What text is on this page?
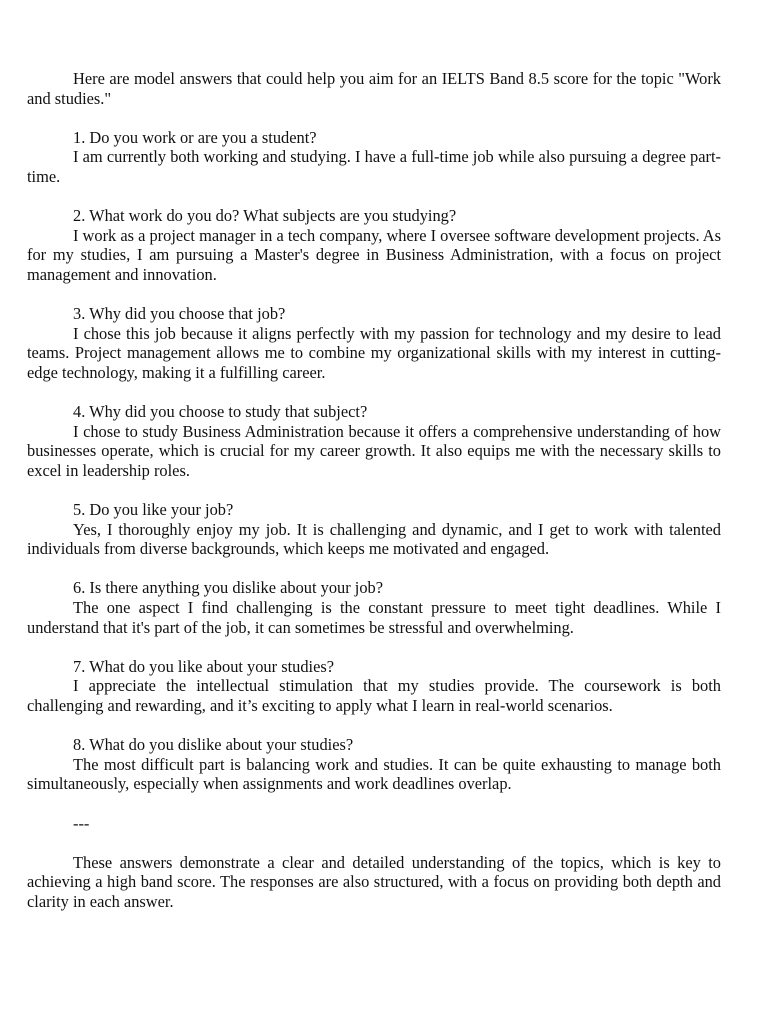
Here are model answers that could help you aim for an IELTS Band 8.5 score for the topic "Work and studies."

1. Do you work or are you a student?

I am currently both working and studying. I have a full-time job while also pursuing a degree part-time.

2. What work do you do? What subjects are you studying?

I work as a project manager in a tech company, where I oversee software development projects. As for my studies, I am pursuing a Master's degree in Business Administration, with a focus on project management and innovation.

3. Why did you choose that job?

I chose this job because it aligns perfectly with my passion for technology and my desire to lead teams. Project management allows me to combine my organizational skills with my interest in cutting-edge technology, making it a fulfilling career.

4. Why did you choose to study that subject?

I chose to study Business Administration because it offers a comprehensive understanding of how businesses operate, which is crucial for my career growth. It also equips me with the necessary skills to excel in leadership roles.

5. Do you like your job?

Yes, I thoroughly enjoy my job. It is challenging and dynamic, and I get to work with talented individuals from diverse backgrounds, which keeps me motivated and engaged.

6. Is there anything you dislike about your job?

The one aspect I find challenging is the constant pressure to meet tight deadlines. While I understand that it's part of the job, it can sometimes be stressful and overwhelming.

7. What do you like about your studies?

I appreciate the intellectual stimulation that my studies provide. The coursework is both challenging and rewarding, and it’s exciting to apply what I learn in real-world scenarios.

8. What do you dislike about your studies?

The most difficult part is balancing work and studies. It can be quite exhausting to manage both simultaneously, especially when assignments and work deadlines overlap.

---

These answers demonstrate a clear and detailed understanding of the topics, which is key to achieving a high band score. The responses are also structured, with a focus on providing both depth and clarity in each answer.
